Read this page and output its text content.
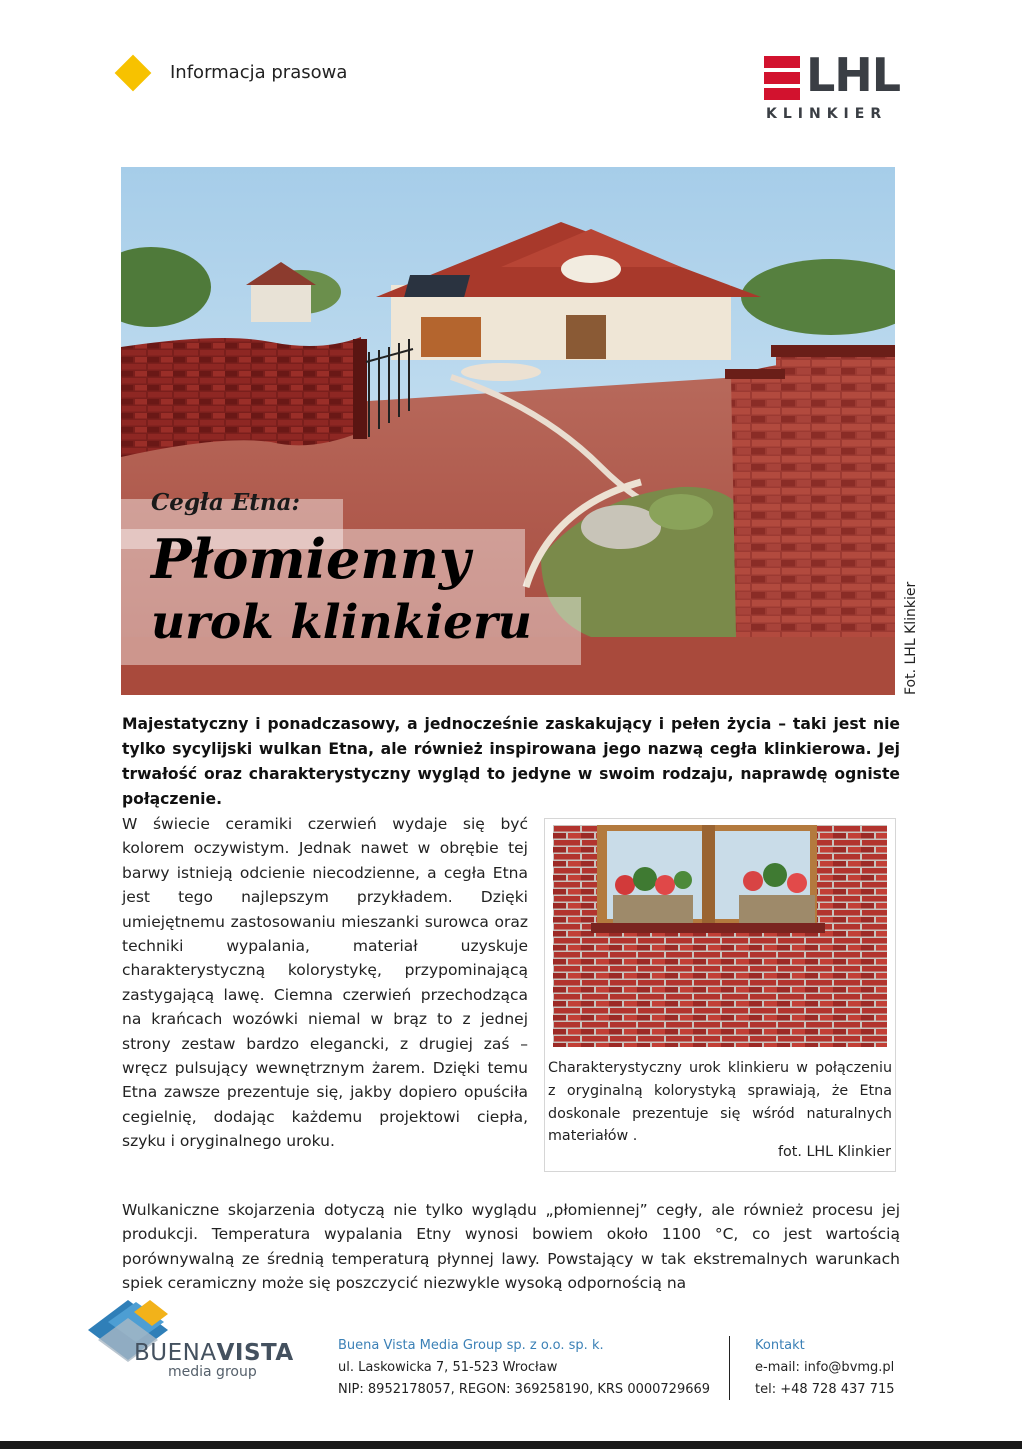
Informacja prasowa	LHL
KLINKIER
Cegła Etna:
Płomienny
urok klinkieru	Fot. LHL Klinkier
Majestatyczny i ponadczasowy, a jednocześnie zaskakujący i pełen życia – taki jest nie tylko sycylijski wulkan Etna, ale również inspirowana jego nazwą cegła klinkierowa. Jej trwałość oraz charakterystyczny wygląd to jedyne w swoim rodzaju, naprawdę ogniste połączenie.
W świecie ceramiki czerwień wydaje się być kolorem oczywistym. Jednak nawet w obrębie tej barwy istnieją odcienie niecodzienne, a cegła Etna jest tego najlepszym przykładem. Dzięki umiejętnemu zastosowaniu mieszanki surowca oraz techniki wypalania, materiał uzyskuje charakterystyczną kolorystykę, przypominającą zastygającą lawę. Ciemna czerwień przechodząca na krańcach wozówki niemal w brąz to z jednej strony zestaw bardzo elegancki, z drugiej zaś – wręcz pulsujący wewnętrznym żarem. Dzięki temu Etna zawsze prezentuje się, jakby dopiero opuściła cegielnię, dodając każdemu projektowi ciepła, szyku i oryginalnego uroku.
Charakterystyczny urok klinkieru w połączeniu z oryginalną kolorystyką sprawiają, że Etna doskonale prezentuje się wśród naturalnych materiałów .
fot. LHL Klinkier
Wulkaniczne skojarzenia dotyczą nie tylko wyglądu „płomiennej” cegły, ale również procesu jej produkcji. Temperatura wypalania Etny wynosi bowiem około 1100 °C, co jest wartością porównywalną ze średnią temperaturą płynnej lawy. Powstający w tak ekstremalnych warunkach spiek ceramiczny może się poszczycić niezwykle wysoką odpornością na
BUENAVISTA
media group
Buena Vista Media Group sp. z o.o. sp. k.
ul. Laskowicka 7, 51-523 Wrocław
NIP: 8952178057, REGON: 369258190, KRS 0000729669
Kontakt
e-mail: info@bvmg.pl
tel: +48 728 437 715
